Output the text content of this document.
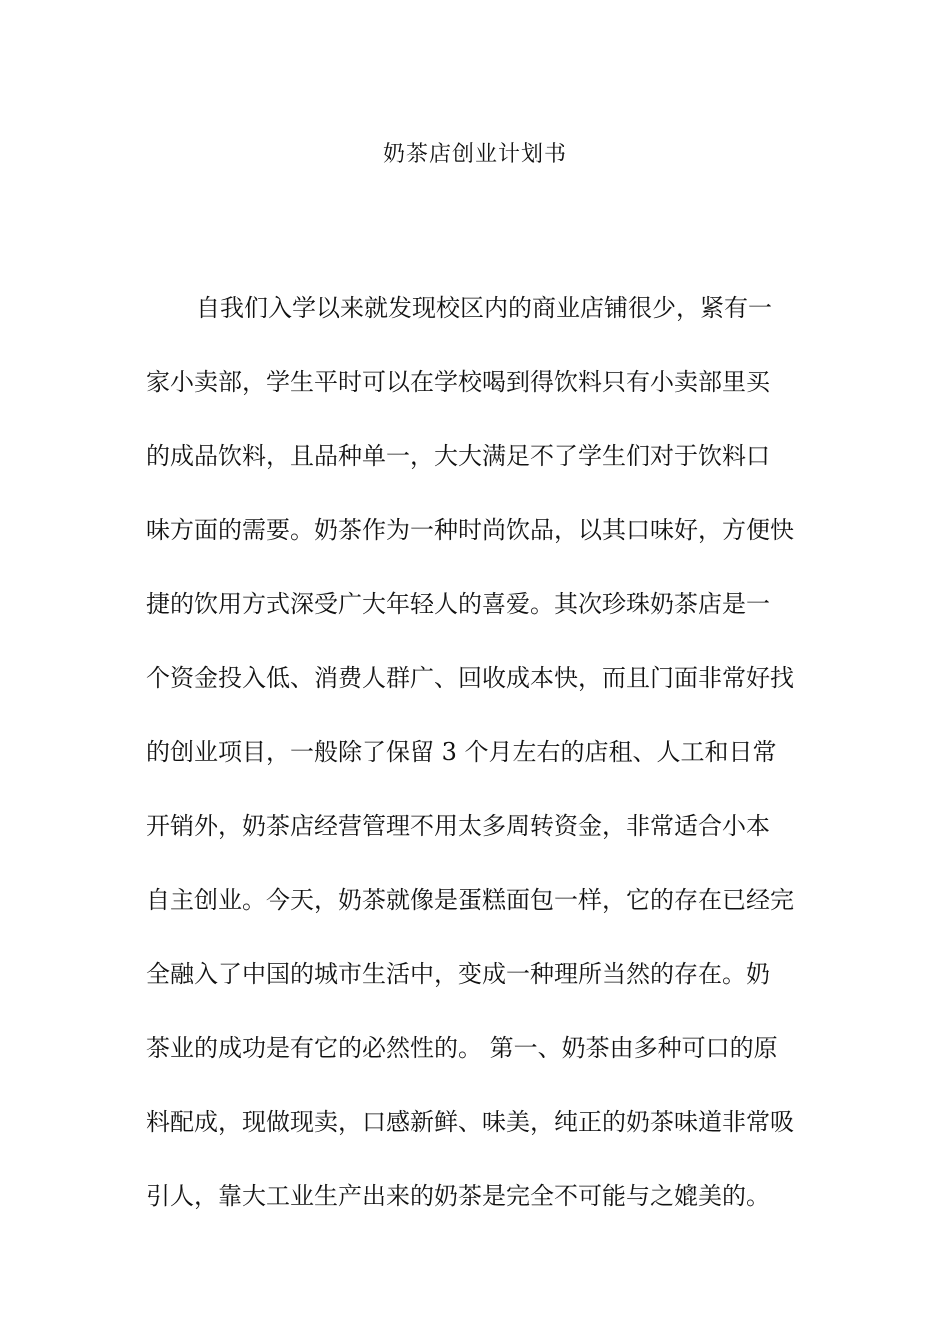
奶茶店创业计划书
自我们入学以来就发现校区内的商业店铺很少，紧有一
家小卖部，学生平时可以在学校喝到得饮料只有小卖部里买
的成品饮料，且品种单一，大大满足不了学生们对于饮料口
味方面的需要。奶茶作为一种时尚饮品，以其口味好，方便快
捷的饮用方式深受广大年轻人的喜爱。其次珍珠奶茶店是一
个资金投入低、消费人群广、回收成本快，而且门面非常好找
的创业项目，一般除了保留 3 个月左右的店租、人工和日常
开销外，奶茶店经营管理不用太多周转资金，非常适合小本
自主创业。今天，奶茶就像是蛋糕面包一样，它的存在已经完
全融入了中国的城市生活中，变成一种理所当然的存在。奶
茶业的成功是有它的必然性的。 第一、奶茶由多种可口的原
料配成，现做现卖，口感新鲜、味美，纯正的奶茶味道非常吸
引人，靠大工业生产出来的奶茶是完全不可能与之媲美的。
